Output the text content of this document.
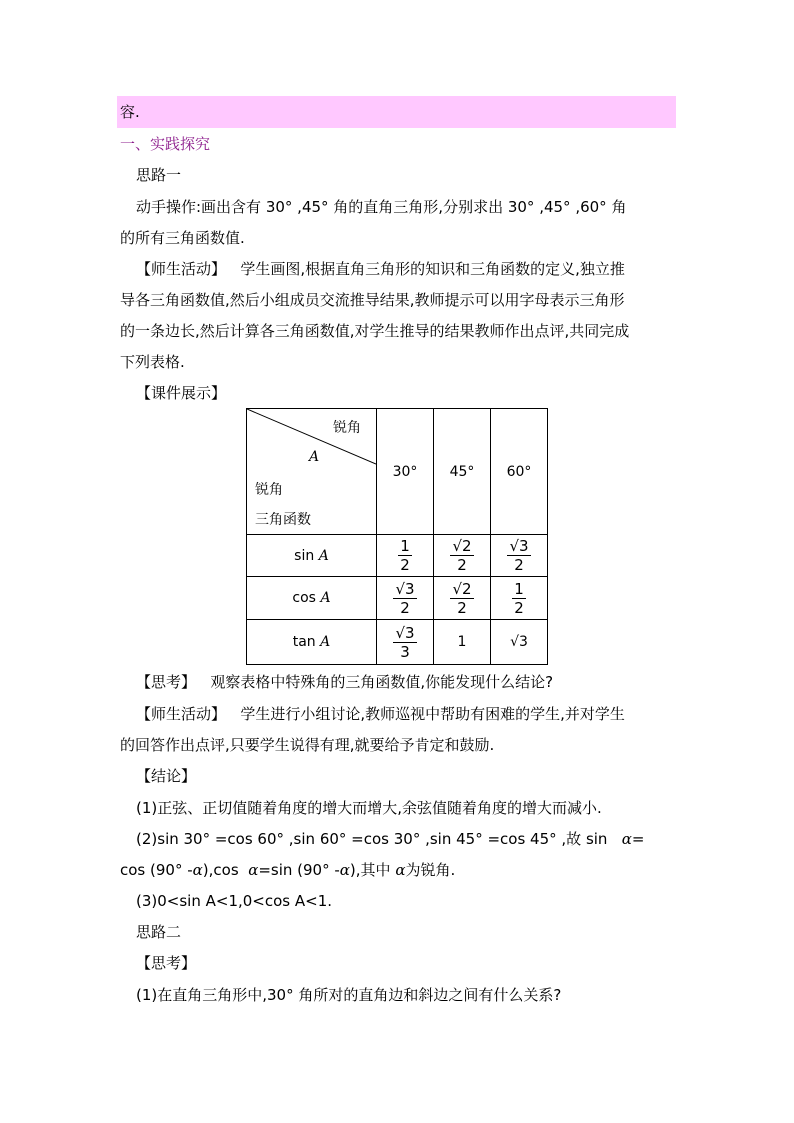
容.
一、实践探究
思路一
动手操作:画出含有 30° ,45° 角的直角三角形,分别求出 30° ,45° ,60° 角
的所有三角函数值.
【师生活动】 学生画图,根据直角三角形的知识和三角函数的定义,独立推
导各三角函数值,然后小组成员交流推导结果,教师提示可以用字母表示三角形
的一条边长,然后计算各三角函数值,对学生推导的结果教师作出点评,共同完成
下列表格.
【课件展示】
锐角
A
锐角
三角函数	30°	45°	60°
sin A	$\frac{1}{2}$	$\frac{√2}{2}$	$\frac{√3}{2}$

cos A	$\frac{√3}{2}$	$\frac{√2}{2}$	$\frac{1}{2}$

tan A	$\frac{√3}{3}$	1	√3
【思考】 观察表格中特殊角的三角函数值,你能发现什么结论?
【师生活动】 学生进行小组讨论,教师巡视中帮助有困难的学生,并对学生
的回答作出点评,只要学生说得有理,就要给予肯定和鼓励.
【结论】
(1)正弦、正切值随着角度的增大而增大,余弦值随着角度的增大而减小.
(2)sin 30° =cos 60° ,sin 60° =cos 30° ,sin 45° =cos 45° ,故 sin α=
cos (90° -α),cos α=sin (90° -α),其中 α为锐角.
(3)0<sin A<1,0<cos A<1.
思路二
【思考】
(1)在直角三角形中,30° 角所对的直角边和斜边之间有什么关系?
